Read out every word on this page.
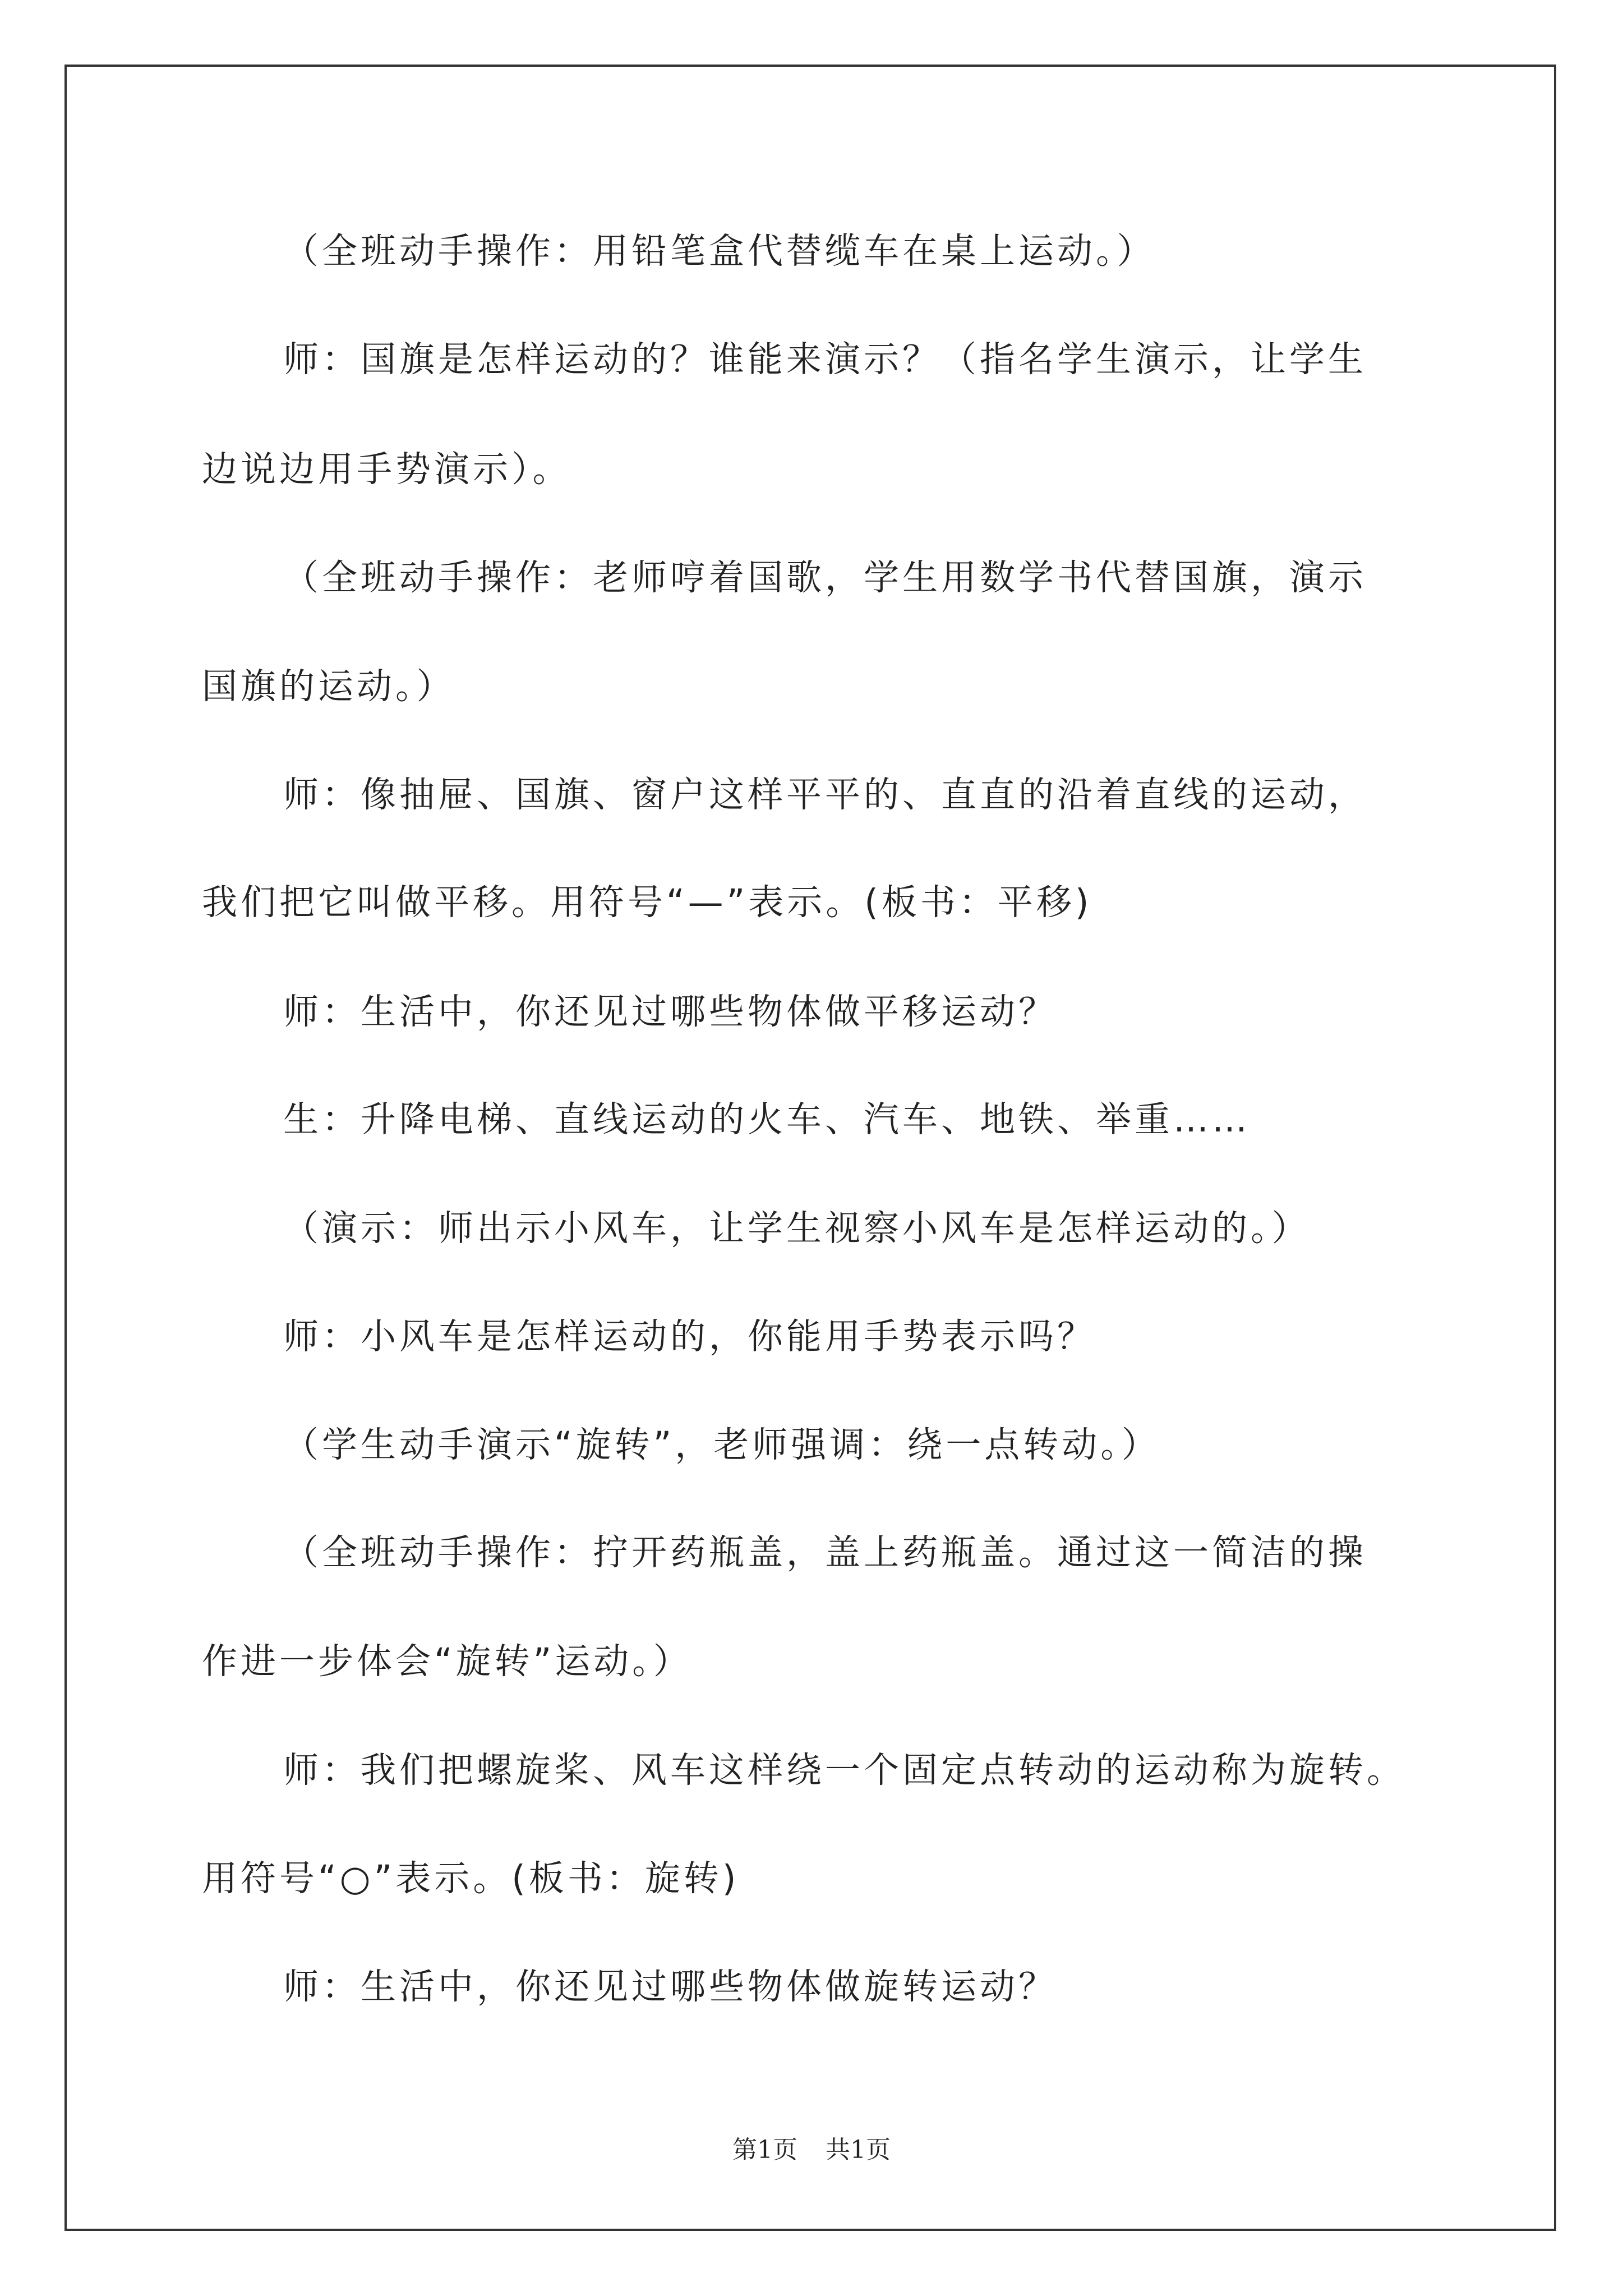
（全班动手操作：用铅笔盒代替缆车在桌上运动。）
师：国旗是怎样运动的？谁能来演示？（指名学生演示，让学生
边说边用手势演示）。
（全班动手操作：老师哼着国歌，学生用数学书代替国旗，演示
国旗的运动。）
师：像抽屉、国旗、窗户这样平平的、直直的沿着直线的运动，
我们把它叫做平移。用符号“—”表示。(板书：平移)
师：生活中，你还见过哪些物体做平移运动？
生：升降电梯、直线运动的火车、汽车、地铁、举重……
（演示：师出示小风车，让学生视察小风车是怎样运动的。）
师：小风车是怎样运动的，你能用手势表示吗？
（学生动手演示“旋转”，老师强调：绕一点转动。）
（全班动手操作：拧开药瓶盖，盖上药瓶盖。通过这一简洁的操
作进一步体会“旋转”运动。）
师：我们把螺旋桨、风车这样绕一个固定点转动的运动称为旋转。
用符号“○”表示。(板书：旋转)
师：生活中，你还见过哪些物体做旋转运动？
第1页 共1页
